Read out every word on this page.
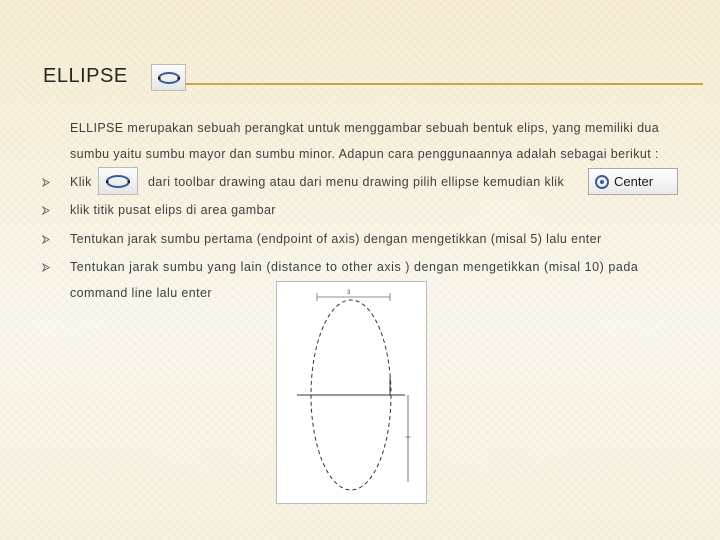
ELLIPSE
ELLIPSE merupakan sebuah perangkat untuk menggambar sebuah bentuk elips, yang memiliki dua
sumbu yaitu sumbu mayor dan sumbu minor. Adapun cara penggunaannya adalah sebagai berikut :
Klik	dari toolbar drawing atau dari menu drawing pilih ellipse kemudian klik	Center
klik titik pusat elips di area gambar
Tentukan jarak sumbu pertama (endpoint of axis) dengan mengetikkan (misal 5) lalu enter
Tentukan jarak sumbu yang lain (distance to other axis ) dengan mengetikkan (misal 10) pada
command line lalu enter	3
